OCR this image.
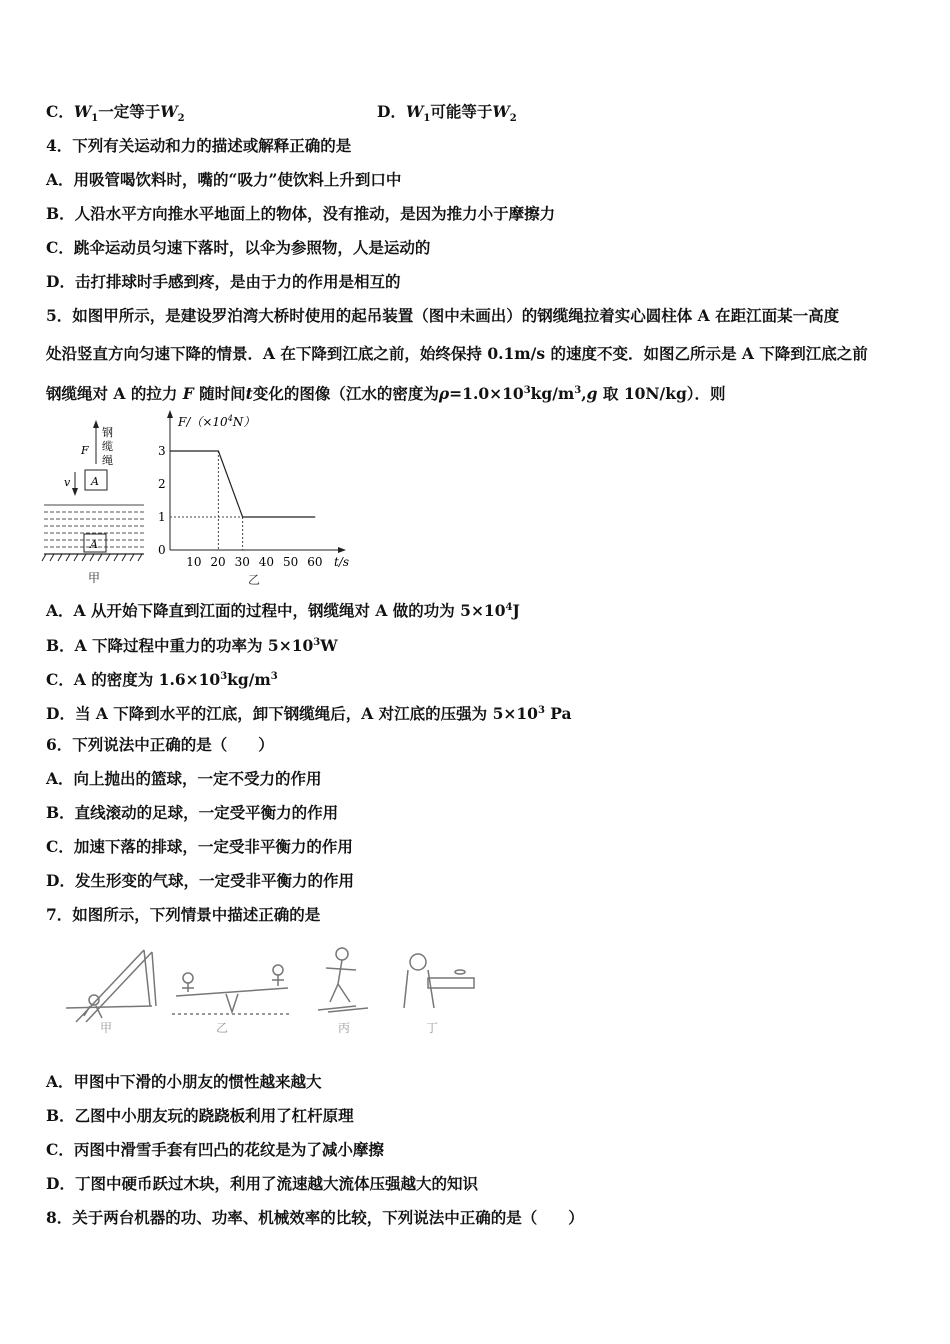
C．$W_1$一定等于$W_2$	D．$W_1$可能等于$W_2$
4．下列有关运动和力的描述或解释正确的是
A．用吸管喝饮料时，嘴的“吸力”使饮料上升到口中
B．人沿水平方向推水平地面上的物体，没有推动，是因为推力小于摩擦力
C．跳伞运动员匀速下落时，以伞为参照物，人是运动的
D．击打排球时手感到疼，是由于力的作用是相互的
5．如图甲所示，是建设罗泊湾大桥时使用的起吊装置（图中未画出）的钢缆绳拉着实心圆柱体 A 在距江面某一高度
处沿竖直方向匀速下降的情景．A 在下降到江底之前，始终保持 0.1m/s 的速度不变．如图乙所示是 A 下降到江底之前
钢缆绳对 A 的拉力 F 随时间t变化的图像（江水的密度为$\rho=1.0\times 10^3kg/m^3,g$ 取 10N/kg）．则
钢
缆
绳
F
A
v
A
甲
$F/(\times 10^4N)$
t/s
10 20 30 40 50 60
0
1
2
3
乙
A．A 从开始下降直到江面的过程中，钢缆绳对 A 做的功为 $5\times 10^4J$
B．A 下降过程中重力的功率为 $5\times 10^3W$
C．A 的密度为 $1.6\times 10^3kg/m^3$
D．当 A 下降到水平的江底，卸下钢缆绳后，A 对江底的压强为 $5\times 10^3$ Pa
6．下列说法中正确的是（　　）
A．向上抛出的篮球，一定不受力的作用
B．直线滚动的足球，一定受平衡力的作用
C．加速下落的排球，一定受非平衡力的作用
D．发生形变的气球，一定受非平衡力的作用
7．如图所示，下列情景中描述正确的是
甲	乙	丙	丁
A．甲图中下滑的小朋友的惯性越来越大
B．乙图中小朋友玩的跷跷板利用了杠杆原理
C．丙图中滑雪手套有凹凸的花纹是为了减小摩擦
D．丁图中硬币跃过木块，利用了流速越大流体压强越大的知识
8．关于两台机器的功、功率、机械效率的比较，下列说法中正确的是（　　）
